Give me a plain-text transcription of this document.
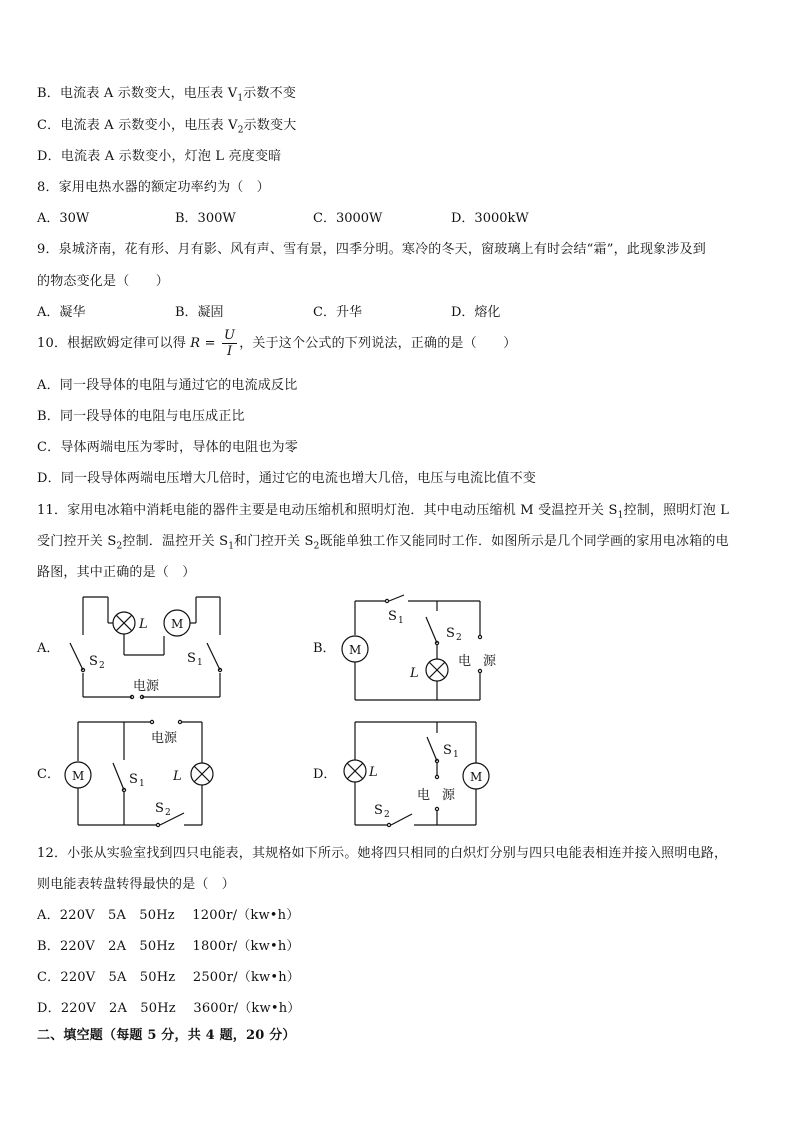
B．电流表 A 示数变大，电压表 $V_1$示数不变
C．电流表 A 示数变小，电压表 $V_2$示数变大
D．电流表 A 示数变小，灯泡 L 亮度变暗
8．家用电热水器的额定功率约为（　）
A．30W	B．300W	C．3000W	D．3000kW
9．泉城济南，花有形、月有影、风有声、雪有景，四季分明。寒冷的冬天，窗玻璃上有时会结“霜”，此现象涉及到
的物态变化是（　　）
A．凝华	B．凝固	C．升华	D．熔化
10．根据欧姆定律可以得 $R = \frac{U}{I}$ ，关于这个公式的下列说法，正确的是（　　）
A．同一段导体的电阻与通过它的电流成反比
B．同一段导体的电阻与电压成正比
C．导体两端电压为零时，导体的电阻也为零
D．同一段导体两端电压增大几倍时，通过它的电流也增大几倍，电压与电流比值不变
11．家用电冰箱中消耗电能的器件主要是电动压缩机和照明灯泡．其中电动压缩机 M 受温控开关 $S_1$控制，照明灯泡 L
受门控开关 $S_2$控制．温控开关 $S_1$和门控开关 $S_2$既能单独工作又能同时工作．如图所示是几个同学画的家用电冰箱的电
路图，其中正确的是（　）
A．
L M
S 2	S 1
电源
B． M
S 1
S 2
L
电 源
C． M	S 1 L
电源
S 2
D．	L	M
S 1
电 源
S 2
12．小张从实验室找到四只电能表，其规格如下所示。她将四只相同的白炽灯分别与四只电能表相连并接入照明电路，
则电能表转盘转得最快的是（　）
A．220V　5A　50Hz　 1200r/（kw•h）
B．220V　2A　50Hz　 1800r/（kw•h）
C．220V　5A　50Hz　 2500r/（kw•h）
D．220V　2A　50Hz　 3600r/（kw•h）
二、填空题（每题 5 分，共 4 题，20 分）
